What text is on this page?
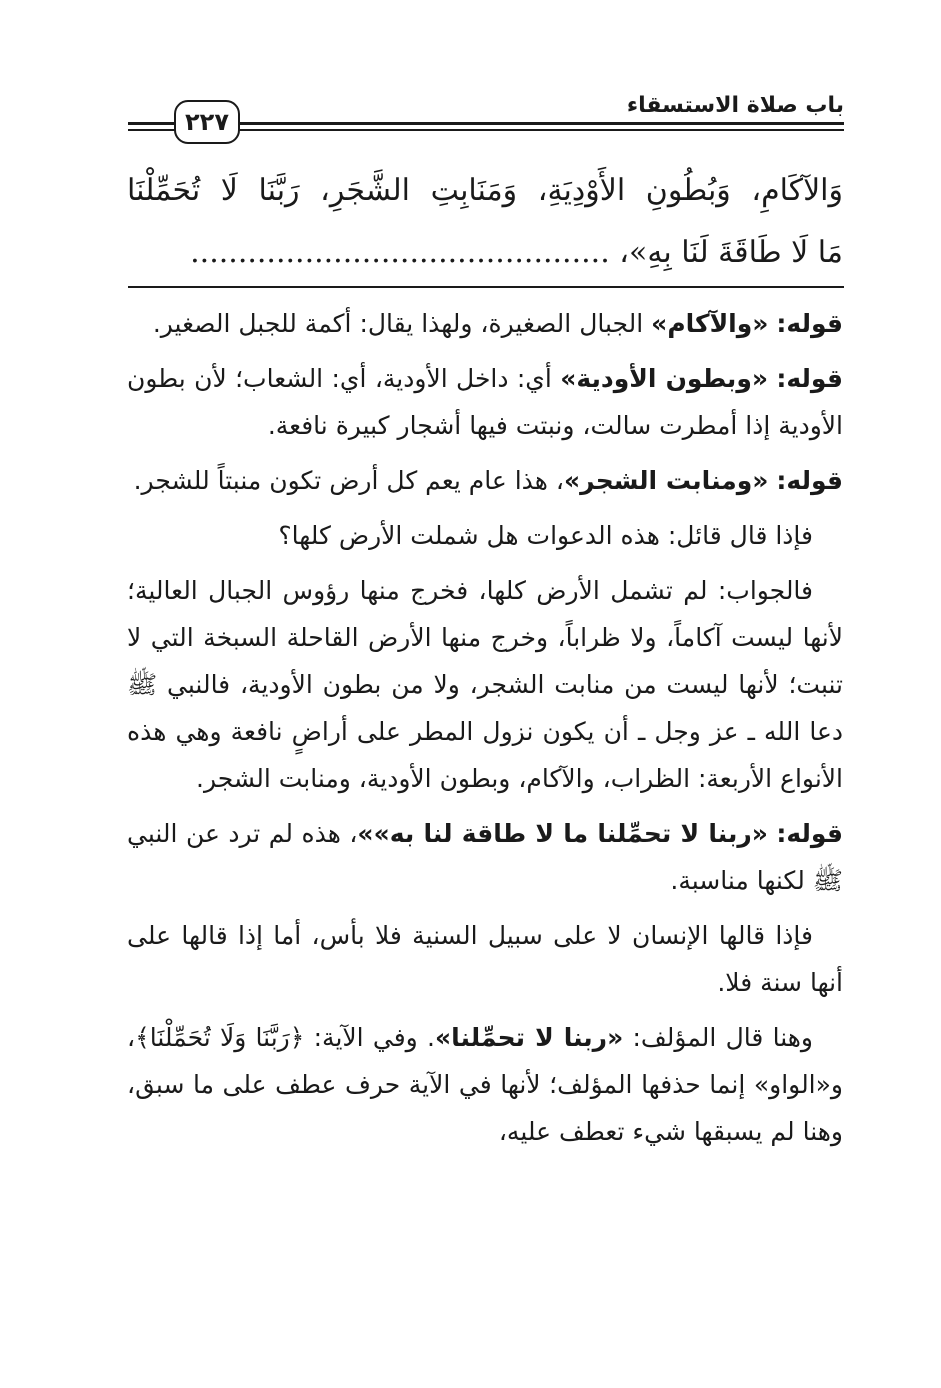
٢٢٧
باب صلاة الاستسقاء
وَالآكَامِ، وَبُطُونِ الأَوْدِيَةِ، وَمَنَابِتِ الشَّجَرِ، رَبَّنَا لَا تُحَمِّلْنَا
مَا لَا طَاقَةَ لَنَا بِهِ»، ............................................

قوله: «والآكام» الجبال الصغيرة، ولهذا يقال: أكمة للجبل الصغير.

قوله: «وبطون الأودية» أي: داخل الأودية، أي: الشعاب؛ لأن بطون الأودية إذا أمطرت سالت، ونبتت فيها أشجار كبيرة نافعة.

قوله: «ومنابت الشجر»، هذا عام يعم كل أرض تكون منبتاً للشجر.

فإذا قال قائل: هذه الدعوات هل شملت الأرض كلها؟

فالجواب: لم تشمل الأرض كلها، فخرج منها رؤوس الجبال العالية؛ لأنها ليست آكاماً، ولا ظراباً، وخرج منها الأرض القاحلة السبخة التي لا تنبت؛ لأنها ليست من منابت الشجر، ولا من بطون الأودية، فالنبي ﷺ دعا الله ـ عز وجل ـ أن يكون نزول المطر على أراضٍ نافعة وهي هذه الأنواع الأربعة: الظراب، والآكام، وبطون الأودية، ومنابت الشجر.

قوله: «ربنا لا تحمِّلنا ما لا طاقة لنا به»»، هذه لم ترد عن النبي ﷺ لكنها مناسبة.

فإذا قالها الإنسان لا على سبيل السنية فلا بأس، أما إذا قالها على أنها سنة فلا.

وهنا قال المؤلف: «ربنا لا تحمِّلنا». وفي الآية: ﴿رَبَّنَا وَلَا تُحَمِّلْنَا﴾، و«الواو» إنما حذفها المؤلف؛ لأنها في الآية حرف عطف على ما سبق، وهنا لم يسبقها شيء تعطف عليه،
